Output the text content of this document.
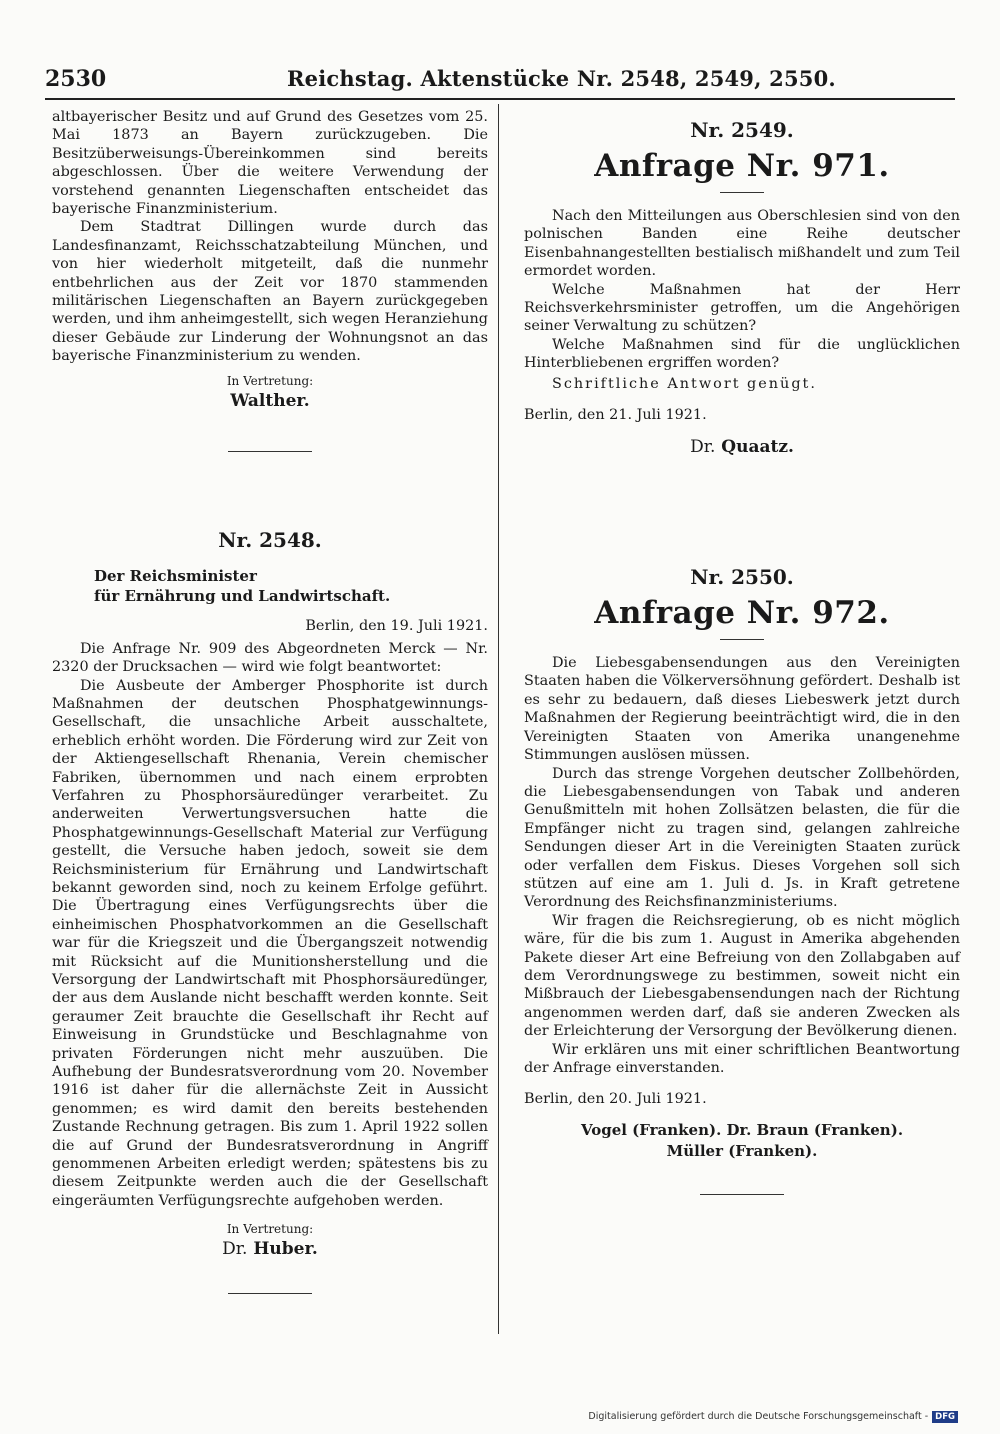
2530	Reichstag. Aktenstücke Nr. 2548, 2549, 2550.

altbayerischer Besitz und auf Grund des Gesetzes vom 25. Mai 1873 an Bayern zurückzugeben. Die Besitzüberweisungs-Übereinkommen sind bereits abgeschlossen. Über die weitere Verwendung der vorstehend genannten Liegenschaften entscheidet das bayerische Finanzministerium.

Dem Stadtrat Dillingen wurde durch das Landesfinanzamt, Reichsschatzabteilung München, und von hier wiederholt mitgeteilt, daß die nunmehr entbehrlichen aus der Zeit vor 1870 stammenden militärischen Liegenschaften an Bayern zurückgegeben werden, und ihm anheimgestellt, sich wegen Heranziehung dieser Gebäude zur Linderung der Wohnungsnot an das bayerische Finanzministerium zu wenden.

In Vertretung:
Walther.
Nr. 2548.
Der Reichsminister
für Ernährung und Landwirtschaft.
Berlin, den 19. Juli 1921.

Die Anfrage Nr. 909 des Abgeordneten Merck — Nr. 2320 der Drucksachen — wird wie folgt beantwortet:

Die Ausbeute der Amberger Phosphorite ist durch Maßnahmen der deutschen Phosphatgewinnungs-Gesellschaft, die unsachliche Arbeit ausschaltete, erheblich erhöht worden. Die Förderung wird zur Zeit von der Aktiengesellschaft Rhenania, Verein chemischer Fabriken, übernommen und nach einem erprobten Verfahren zu Phosphorsäuredünger verarbeitet. Zu anderweiten Verwertungsversuchen hatte die Phosphatgewinnungs-Gesellschaft Material zur Verfügung gestellt, die Versuche haben jedoch, soweit sie dem Reichsministerium für Ernährung und Landwirtschaft bekannt geworden sind, noch zu keinem Erfolge geführt. Die Übertragung eines Verfügungsrechts über die einheimischen Phosphatvorkommen an die Gesellschaft war für die Kriegszeit und die Übergangszeit notwendig mit Rücksicht auf die Munitionsherstellung und die Versorgung der Landwirtschaft mit Phosphorsäuredünger, der aus dem Auslande nicht beschafft werden konnte. Seit geraumer Zeit brauchte die Gesellschaft ihr Recht auf Einweisung in Grundstücke und Beschlagnahme von privaten Förderungen nicht mehr auszuüben. Die Aufhebung der Bundesratsverordnung vom 20. November 1916 ist daher für die allernächste Zeit in Aussicht genommen; es wird damit den bereits bestehenden Zustande Rechnung getragen. Bis zum 1. April 1922 sollen die auf Grund der Bundesratsverordnung in Angriff genommenen Arbeiten erledigt werden; spätestens bis zu diesem Zeitpunkte werden auch die der Gesellschaft eingeräumten Verfügungsrechte aufgehoben werden.

In Vertretung:
Dr. Huber.
Nr. 2549.
Anfrage Nr. 971.

Nach den Mitteilungen aus Oberschlesien sind von den polnischen Banden eine Reihe deutscher Eisenbahnangestellten bestialisch mißhandelt und zum Teil ermordet worden.

Welche Maßnahmen hat der Herr Reichsverkehrsminister getroffen, um die Angehörigen seiner Verwaltung zu schützen?

Welche Maßnahmen sind für die unglücklichen Hinterbliebenen ergriffen worden?

Schriftliche Antwort genügt.

Berlin, den 21. Juli 1921.
Dr. Quaatz.
Nr. 2550.
Anfrage Nr. 972.

Die Liebesgabensendungen aus den Vereinigten Staaten haben die Völkerversöhnung gefördert. Deshalb ist es sehr zu bedauern, daß dieses Liebeswerk jetzt durch Maßnahmen der Regierung beeinträchtigt wird, die in den Vereinigten Staaten von Amerika unangenehme Stimmungen auslösen müssen.

Durch das strenge Vorgehen deutscher Zollbehörden, die Liebesgabensendungen von Tabak und anderen Genußmitteln mit hohen Zollsätzen belasten, die für die Empfänger nicht zu tragen sind, gelangen zahlreiche Sendungen dieser Art in die Vereinigten Staaten zurück oder verfallen dem Fiskus. Dieses Vorgehen soll sich stützen auf eine am 1. Juli d. Js. in Kraft getretene Verordnung des Reichsfinanzministeriums.

Wir fragen die Reichsregierung, ob es nicht möglich wäre, für die bis zum 1. August in Amerika abgehenden Pakete dieser Art eine Befreiung von den Zollabgaben auf dem Verordnungswege zu bestimmen, soweit nicht ein Mißbrauch der Liebesgabensendungen nach der Richtung angenommen werden darf, daß sie anderen Zwecken als der Erleichterung der Versorgung der Bevölkerung dienen.

Wir erklären uns mit einer schriftlichen Beantwortung der Anfrage einverstanden.

Berlin, den 20. Juli 1921.
Vogel (Franken). Dr. Braun (Franken).
Müller (Franken).
Digitalisierung gefördert durch die Deutsche Forschungsgemeinschaft - DFG
